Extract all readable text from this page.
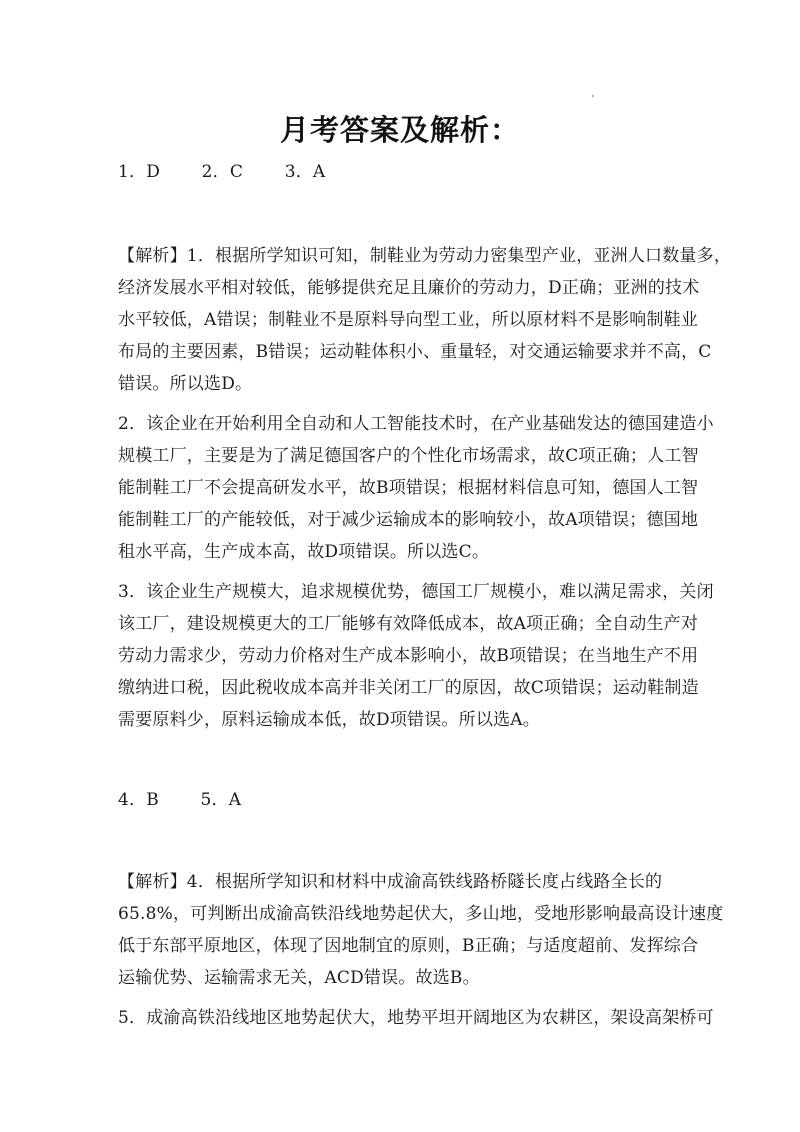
月考答案及解析：
1．D 2．C 3．A
【解析】1．根据所学知识可知，制鞋业为劳动力密集型产业，亚洲人口数量多，
经济发展水平相对较低，能够提供充足且廉价的劳动力，D正确；亚洲的技术
水平较低，A错误；制鞋业不是原料导向型工业，所以原材料不是影响制鞋业
布局的主要因素，B错误；运动鞋体积小、重量轻，对交通运输要求并不高，C
错误。所以选D。
2．该企业在开始利用全自动和人工智能技术时，在产业基础发达的德国建造小
规模工厂，主要是为了满足德国客户的个性化市场需求，故C项正确；人工智
能制鞋工厂不会提高研发水平，故B项错误；根据材料信息可知，德国人工智
能制鞋工厂的产能较低，对于减少运输成本的影响较小，故A项错误；德国地
租水平高，生产成本高，故D项错误。所以选C。
3．该企业生产规模大，追求规模优势，德国工厂规模小，难以满足需求，关闭
该工厂，建设规模更大的工厂能够有效降低成本，故A项正确；全自动生产对
劳动力需求少，劳动力价格对生产成本影响小，故B项错误；在当地生产不用
缴纳进口税，因此税收成本高并非关闭工厂的原因，故C项错误；运动鞋制造
需要原料少，原料运输成本低，故D项错误。所以选A。
4．B 5．A
【解析】4．根据所学知识和材料中成渝高铁线路桥隧长度占线路全长的
65.8%，可判断出成渝高铁沿线地势起伏大，多山地，受地形影响最高设计速度
低于东部平原地区，体现了因地制宜的原则，B正确；与适度超前、发挥综合
运输优势、运输需求无关，ACD错误。故选B。
5．成渝高铁沿线地区地势起伏大，地势平坦开阔地区为农耕区，架设高架桥可
